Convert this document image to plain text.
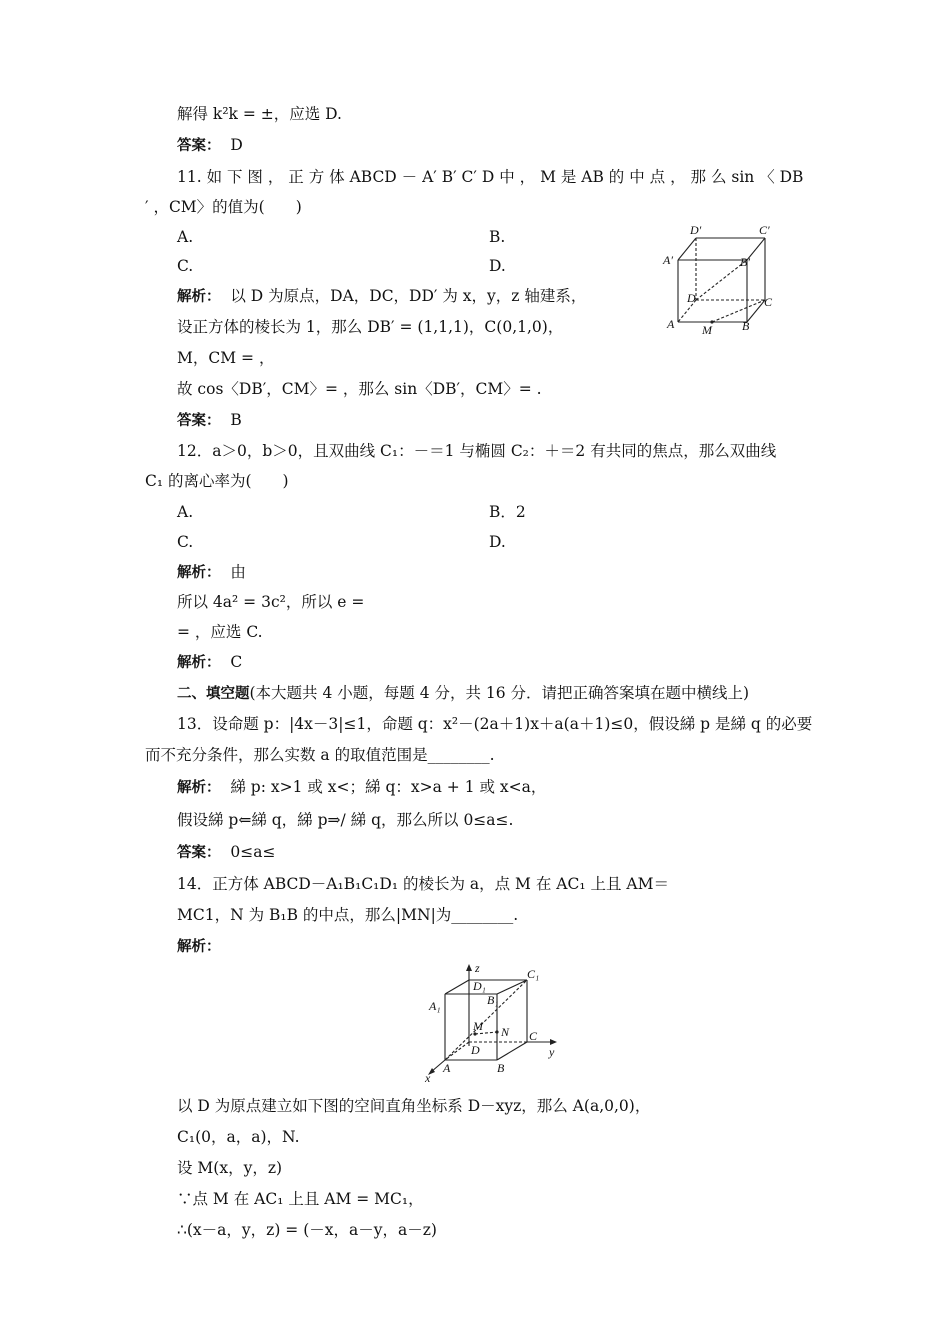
解得 k²k = ±，应选 D.
答案： D
11. 如 下 图 ， 正 方 体 ABCD － A′ B′ C′ D 中 ， M 是 AB 的 中 点 ， 那 么 sin 〈 DB
′ ，CM〉的值为(　　)
A.	B.
C.	D.
解析： 以 D 为原点，DA，DC，DD′ 为 x，y，z 轴建系，
设正方体的棱长为 1，那么 DB′ = (1,1,1)，C(0,1,0)，
M，CM = ，
故 cos〈DB′，CM〉= ，那么 sin〈DB′，CM〉= .
答案： B
D′	C′
A′	B′
D	C
A M	B
12．a＞0，b＞0，且双曲线 C₁：－＝1 与椭圆 C₂：＋＝2 有共同的焦点，那么双曲线
C₁ 的离心率为(　　)
A.	B．2
C.	D.
解析： 由
所以 4a² = 3c²，所以 e =
= ，应选 C.
解析： C
二、填空题(本大题共 4 小题，每题 4 分，共 16 分．请把正确答案填在题中横线上)
13．设命题 p：|4x－3|≤1，命题 q：x²－(2a＋1)x＋a(a＋1)≤0，假设綈 p 是綈 q 的必要
而不充分条件，那么实数 a 的取值范围是________.
解析： 綈 p: x>1 或 x<；綈 q：x>a + 1 或 x<a，
假设綈 p⇐綈 q，綈 p⇒/ 綈 q，那么所以 0≤a≤.
答案： 0≤a≤
14．正方体 ABCD－A₁B₁C₁D₁ 的棱长为 a，点 M 在 AC₁ 上且 AM＝
MC1，N 为 B₁B 的中点，那么|MN|为________.
解析：
z
D₁
B₁
C₁
A₁
M N C
y
D
A	B
x
以 D 为原点建立如下图的空间直角坐标系 D－xyz，那么 A(a,0,0)，
C₁(0，a，a)，N.
设 M(x，y，z)
∵点 M 在 AC₁ 上且 AM = MC₁，
∴(x－a，y，z) = (－x，a－y，a－z)
